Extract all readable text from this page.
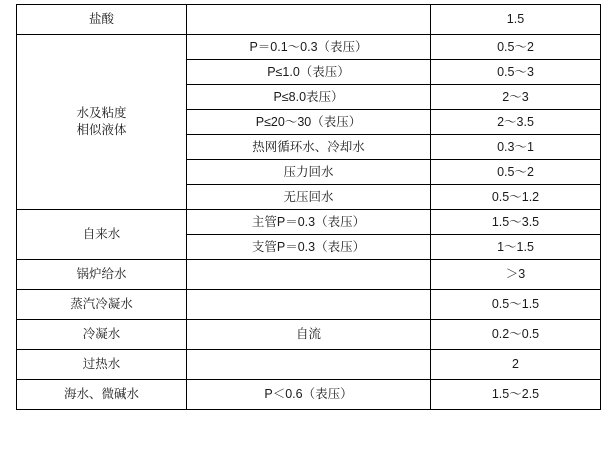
盐酸		1.5

水及粘度
相似液体	P＝0.1～0.3（表压）	0.5～2
	P≤1.0（表压）	0.5～3
	P≤8.0表压）	2～3
	P≤20～30（表压）	2～3.5
	热网循环水、冷却水	0.3～1
	压力回水	0.5～2
	无压回水	0.5～1.2

自来水	主管P＝0.3（表压）	1.5～3.5
	支管P＝0.3（表压）	1～1.5

锅炉给水		＞3

蒸汽冷凝水		0.5～1.5

冷凝水	自流	0.2～0.5

过热水		2

海水、微碱水	P＜0.6（表压）	1.5～2.5
